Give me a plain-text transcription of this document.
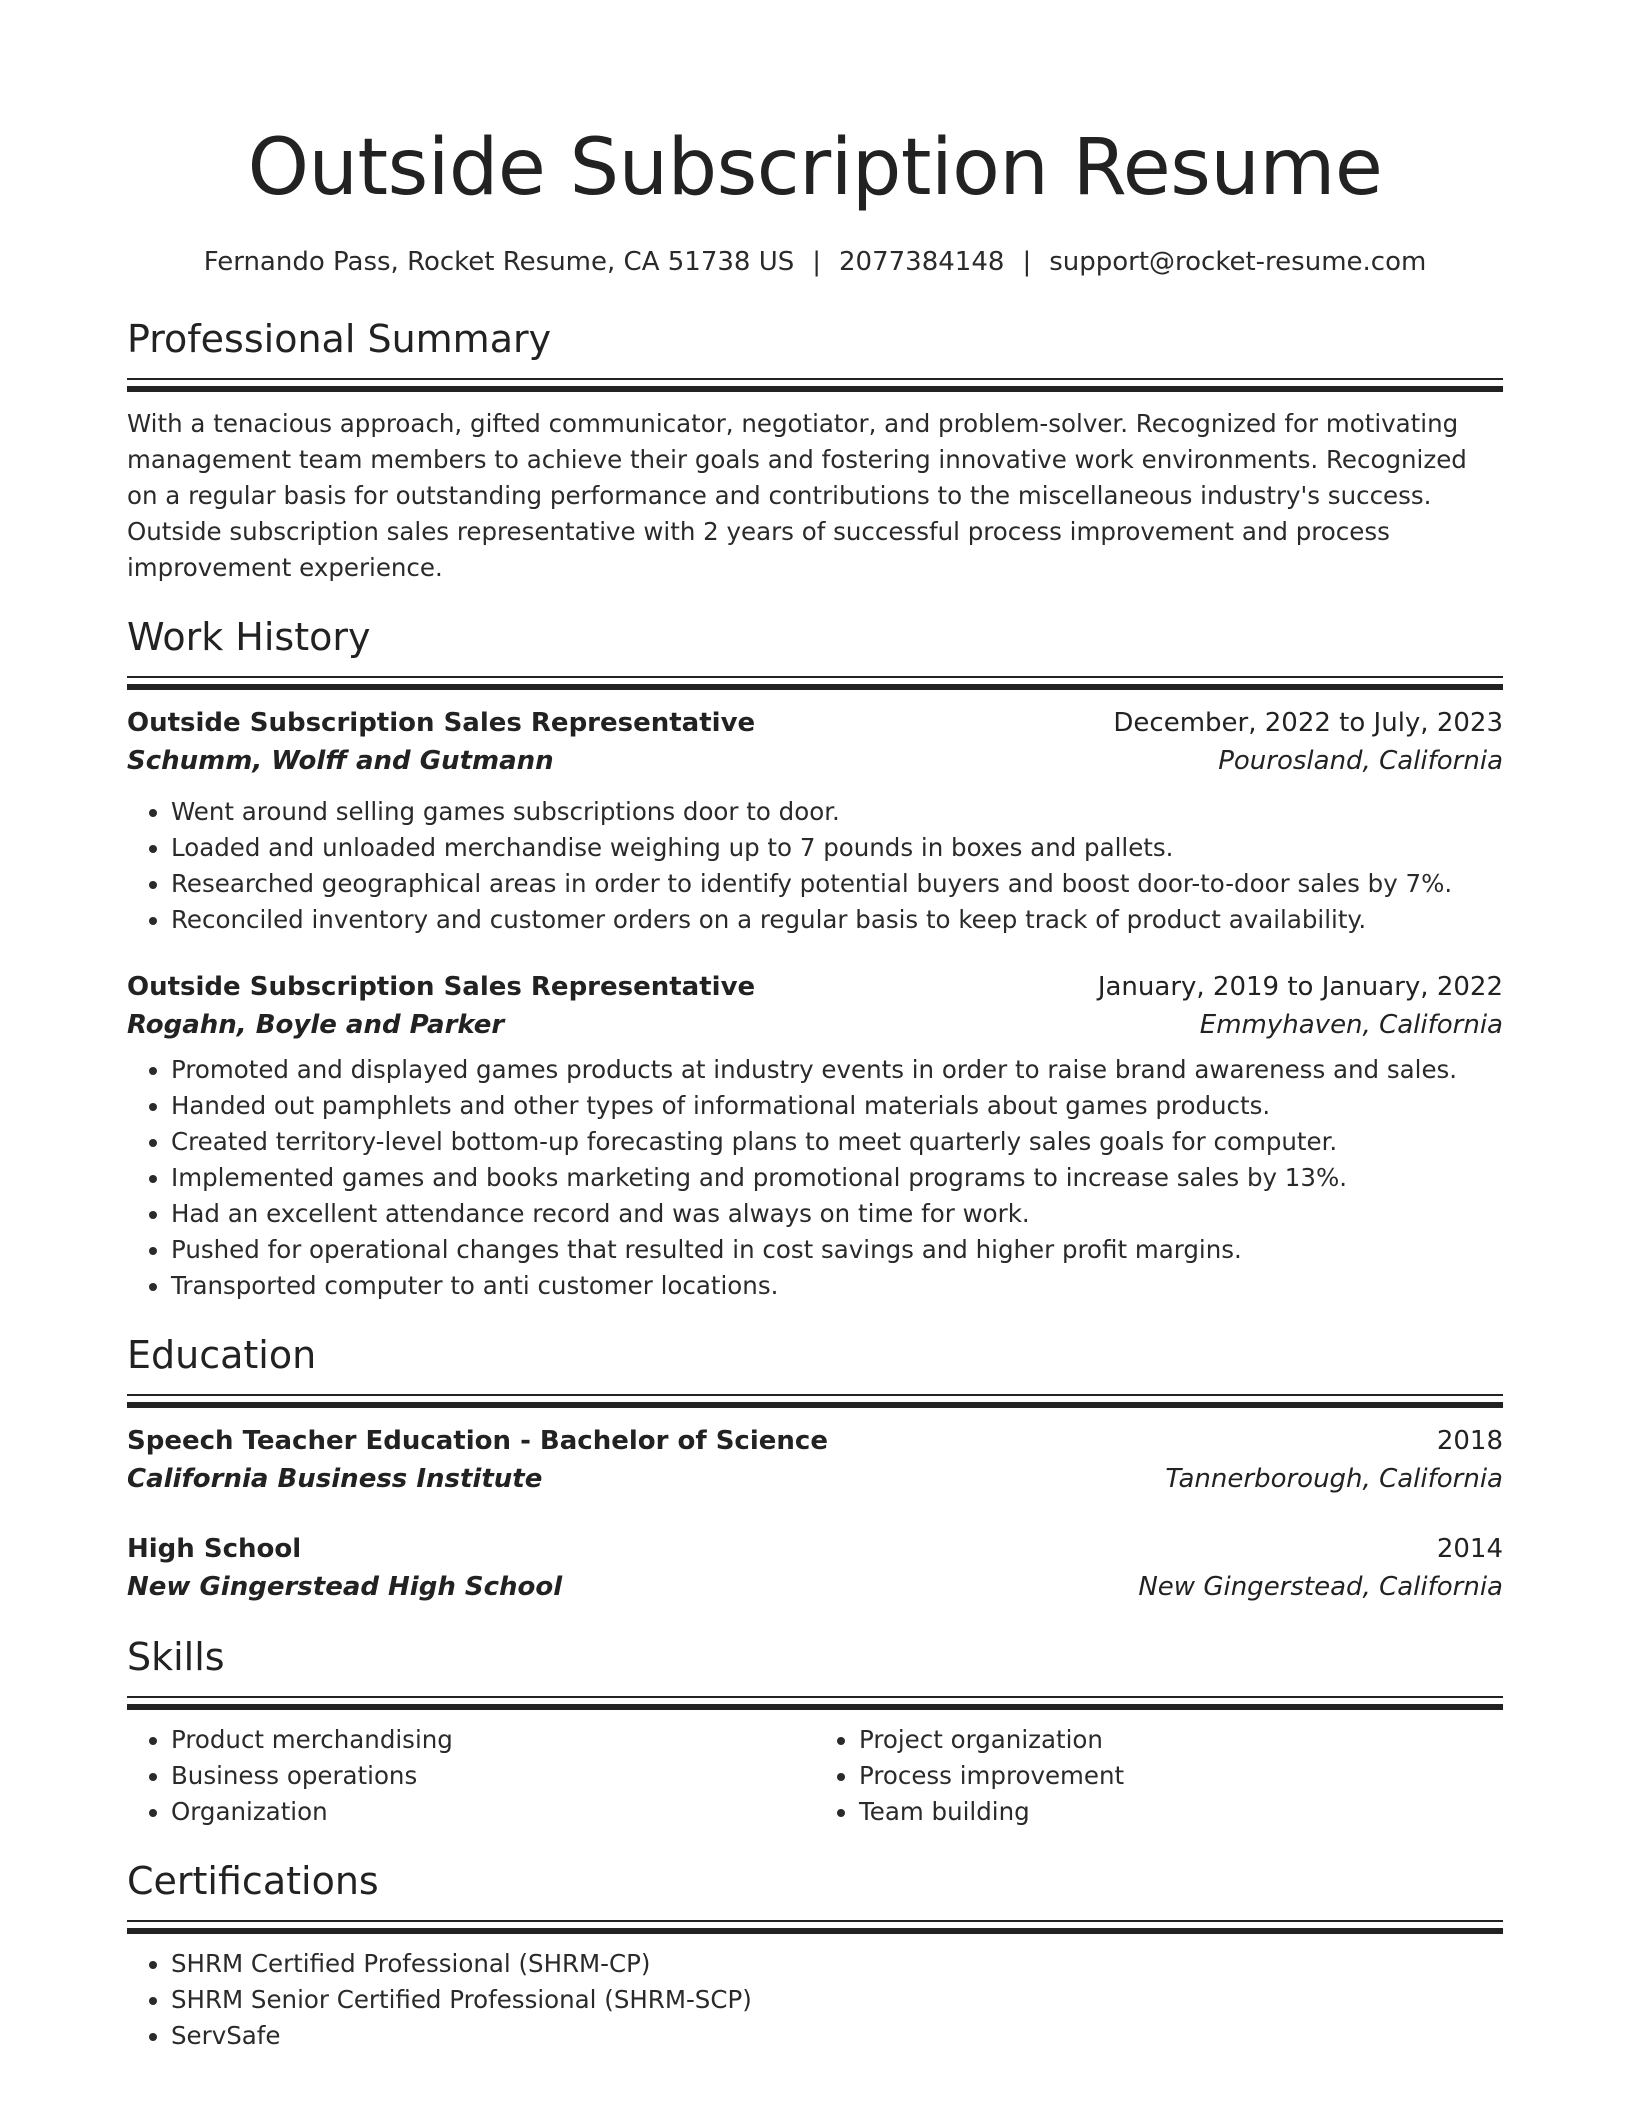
Outside Subscription Resume
Fernando Pass, Rocket Resume, CA 51738 US | 2077384148 | support@rocket-resume.com
Professional Summary
With a tenacious approach, gifted communicator, negotiator, and problem-solver. Recognized for motivating management team members to achieve their goals and fostering innovative work environments. Recognized on a regular basis for outstanding performance and contributions to the miscellaneous industry's success. Outside subscription sales representative with 2 years of successful process improvement and process improvement experience.
Work History
Outside Subscription Sales Representative	December, 2022 to July, 2023
Schumm, Wolff and Gutmann	Pourosland, California
• Went around selling games subscriptions door to door.
• Loaded and unloaded merchandise weighing up to 7 pounds in boxes and pallets.
• Researched geographical areas in order to identify potential buyers and boost door-to-door sales by 7%.
• Reconciled inventory and customer orders on a regular basis to keep track of product availability.
Outside Subscription Sales Representative	January, 2019 to January, 2022
Rogahn, Boyle and Parker	Emmyhaven, California
• Promoted and displayed games products at industry events in order to raise brand awareness and sales.
• Handed out pamphlets and other types of informational materials about games products.
• Created territory-level bottom-up forecasting plans to meet quarterly sales goals for computer.
• Implemented games and books marketing and promotional programs to increase sales by 13%.
• Had an excellent attendance record and was always on time for work.
• Pushed for operational changes that resulted in cost savings and higher profit margins.
• Transported computer to anti customer locations.
Education
Speech Teacher Education - Bachelor of Science	2018
California Business Institute	Tannerborough, California
High School	2014
New Gingerstead High School	New Gingerstead, California
Skills
• Product merchandising
• Business operations
• Organization
• Project organization
• Process improvement
• Team building
Certifications
• SHRM Certified Professional (SHRM-CP)
• SHRM Senior Certified Professional (SHRM-SCP)
• ServSafe
